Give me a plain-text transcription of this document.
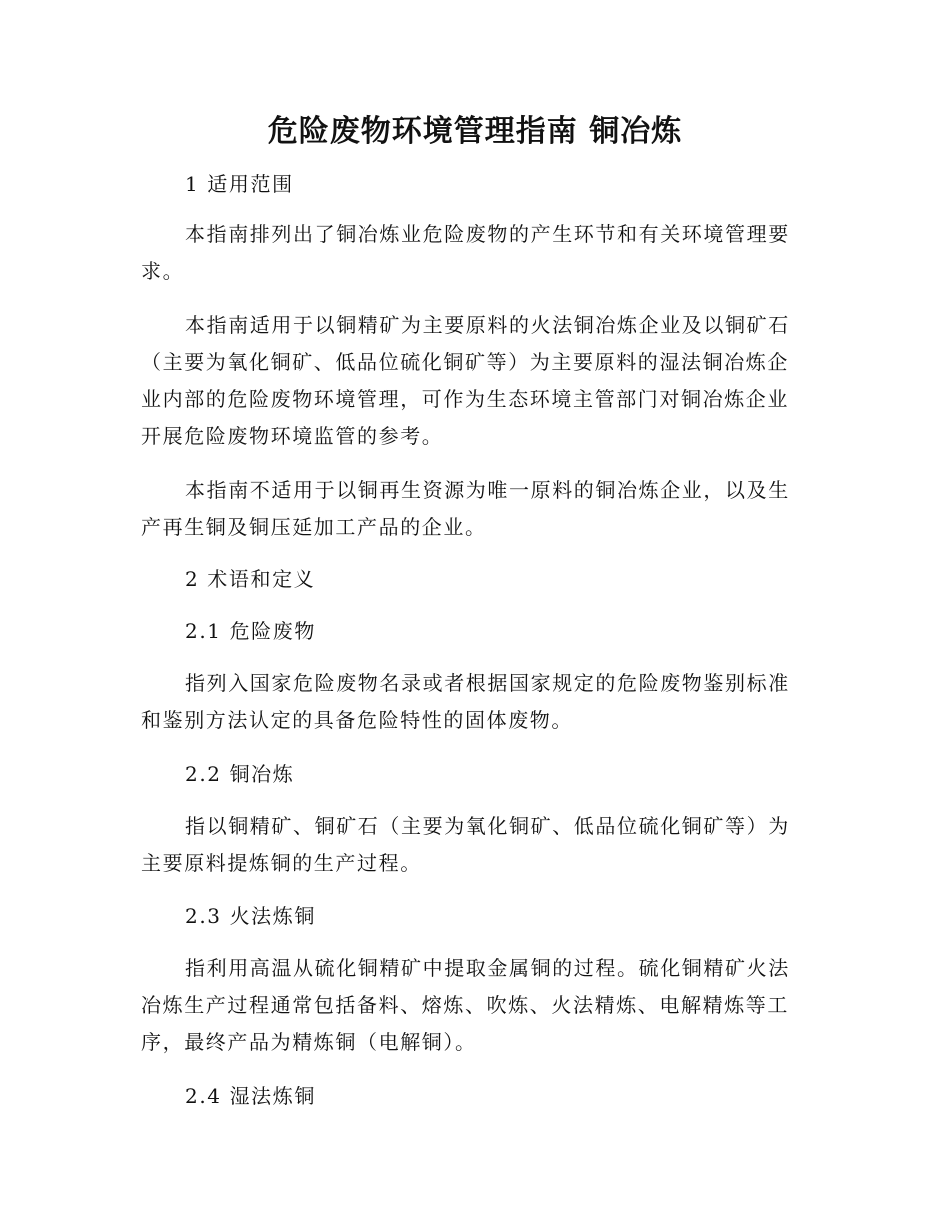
危险废物环境管理指南 铜冶炼

1 适用范围

本指南排列出了铜冶炼业危险废物的产生环节和有关环境管理要求。

本指南适用于以铜精矿为主要原料的火法铜冶炼企业及以铜矿石（主要为氧化铜矿、低品位硫化铜矿等）为主要原料的湿法铜冶炼企业内部的危险废物环境管理，可作为生态环境主管部门对铜冶炼企业开展危险废物环境监管的参考。

本指南不适用于以铜再生资源为唯一原料的铜冶炼企业，以及生产再生铜及铜压延加工产品的企业。

2 术语和定义

2.1 危险废物

指列入国家危险废物名录或者根据国家规定的危险废物鉴别标准和鉴别方法认定的具备危险特性的固体废物。

2.2 铜冶炼

指以铜精矿、铜矿石（主要为氧化铜矿、低品位硫化铜矿等）为主要原料提炼铜的生产过程。

2.3 火法炼铜

指利用高温从硫化铜精矿中提取金属铜的过程。硫化铜精矿火法冶炼生产过程通常包括备料、熔炼、吹炼、火法精炼、电解精炼等工序，最终产品为精炼铜（电解铜）。

2.4 湿法炼铜
